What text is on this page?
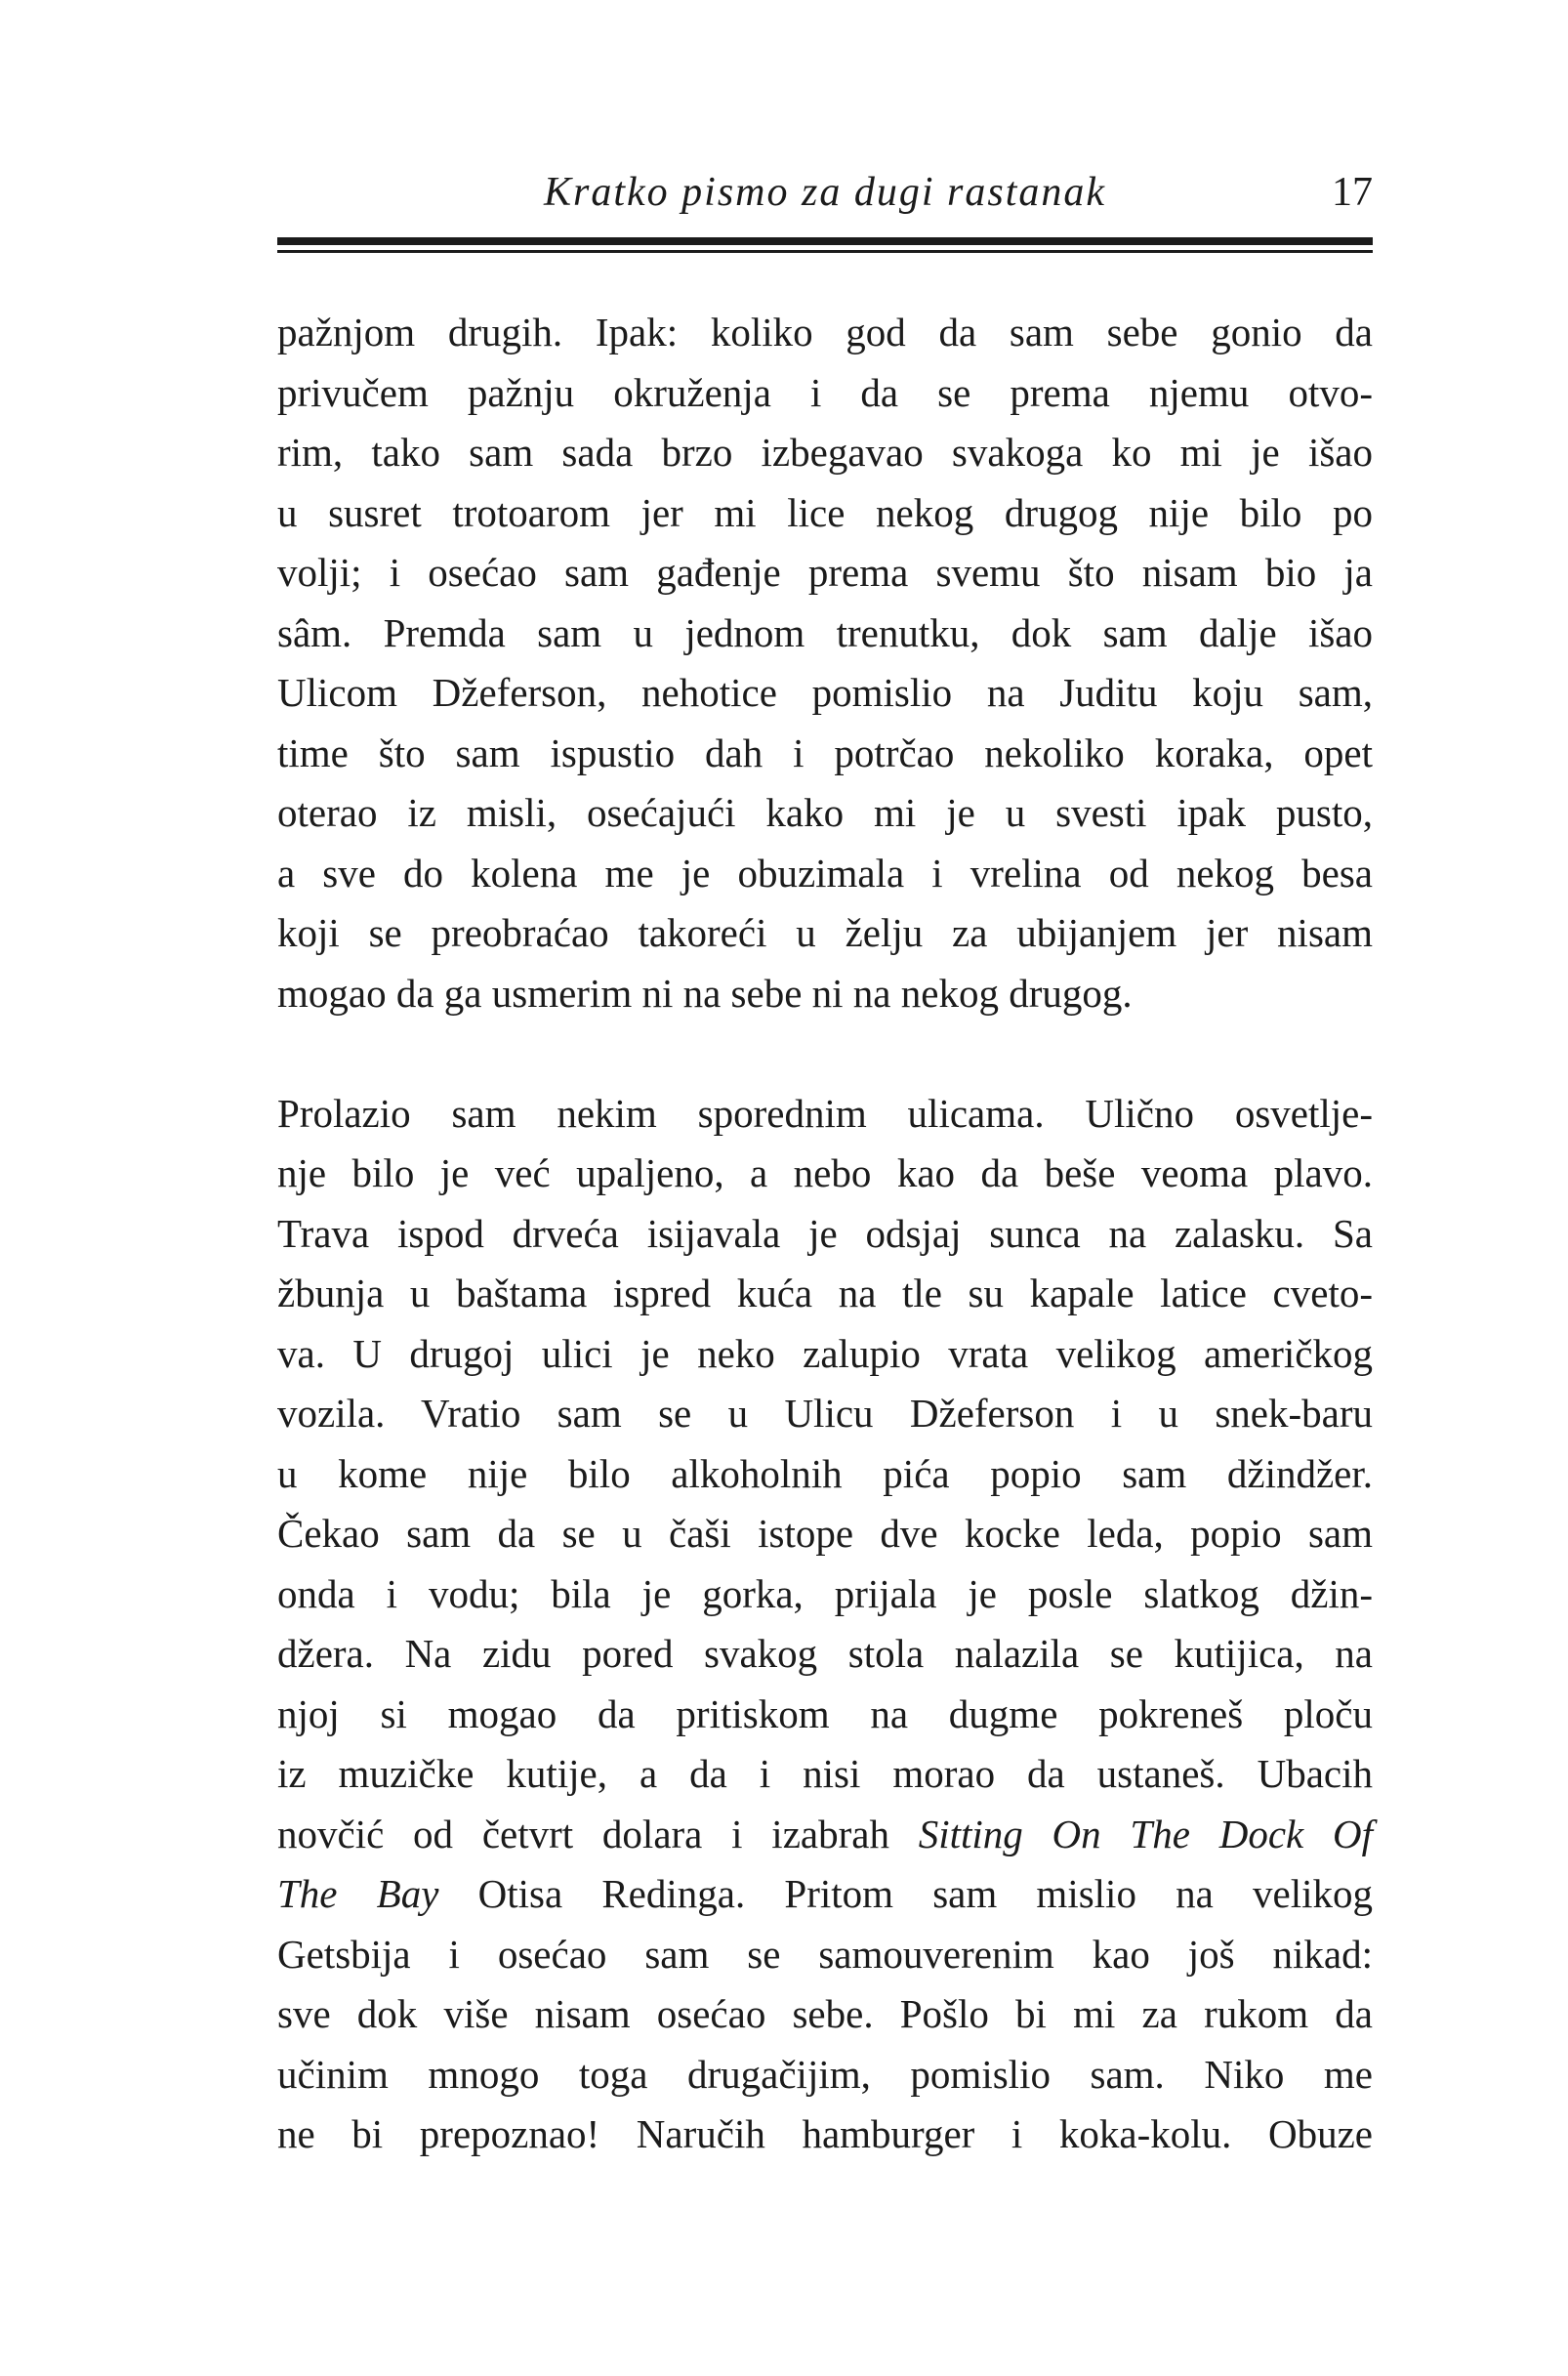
Kratko pismo za dugi rastanak	17

pažnjom drugih. Ipak: koliko god da sam sebe gonio da
privučem pažnju okruženja i da se prema njemu otvo-
rim, tako sam sada brzo izbegavao svakoga ko mi je išao
u susret trotoarom jer mi lice nekog drugog nije bilo po
volji; i osećao sam gađenje prema svemu što nisam bio ja
sâm. Premda sam u jednom trenutku, dok sam dalje išao
Ulicom Džeferson, nehotice pomislio na Juditu koju sam,
time što sam ispustio dah i potrčao nekoliko koraka, opet
oterao iz misli, osećajući kako mi je u svesti ipak pusto,
a sve do kolena me je obuzimala i vrelina od nekog besa
koji se preobraćao takoreći u želju za ubijanjem jer nisam
mogao da ga usmerim ni na sebe ni na nekog drugog.

Prolazio sam nekim sporednim ulicama. Ulično osvetlje-
nje bilo je već upaljeno, a nebo kao da beše veoma plavo.
Trava ispod drveća isijavala je odsjaj sunca na zalasku. Sa
žbunja u baštama ispred kuća na tle su kapale latice cveto-
va. U drugoj ulici je neko zalupio vrata velikog američkog
vozila. Vratio sam se u Ulicu Džeferson i u snek-baru
u kome nije bilo alkoholnih pića popio sam džindžer.
Čekao sam da se u čaši istope dve kocke leda, popio sam
onda i vodu; bila je gorka, prijala je posle slatkog džin-
džera. Na zidu pored svakog stola nalazila se kutijica, na
njoj si mogao da pritiskom na dugme pokreneš ploču
iz muzičke kutije, a da i nisi morao da ustaneš. Ubacih
novčić od četvrt dolara i izabrah Sitting On The Dock Of
The Bay Otisa Redinga. Pritom sam mislio na velikog
Getsbija i osećao sam se samouverenim kao još nikad:
sve dok više nisam osećao sebe. Pošlo bi mi za rukom da
učinim mnogo toga drugačijim, pomislio sam. Niko me
ne bi prepoznao! Naručih hamburger i koka-kolu. Obuze
